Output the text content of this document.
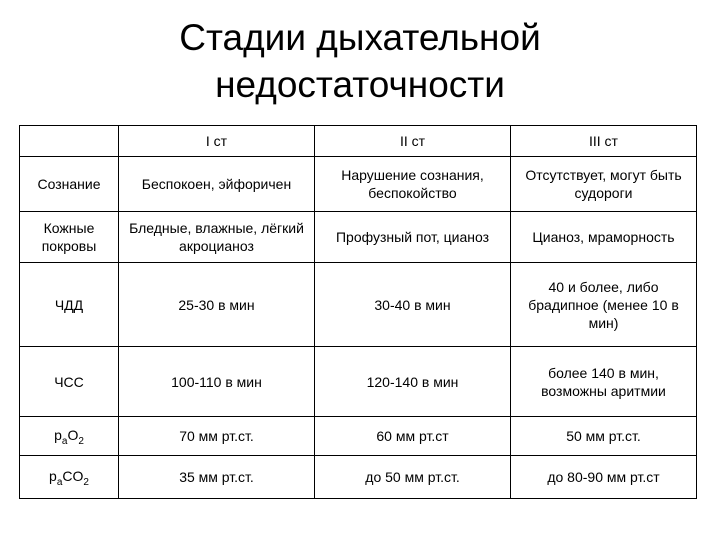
Стадии дыхательной
недостаточности
	I ст	II ст	III ст
Сознание	Беспокоен, эйфоричен	Нарушение сознания, беспокойство	Отсутствует, могут быть судороги
Кожные покровы	Бледные, влажные, лёгкий акроцианоз	Профузный пот, цианоз	Цианоз, мраморность
ЧДД	25-30 в мин	30-40 в мин	40 и более, либо брадипное (менее 10 в мин)
ЧСС	100-110 в мин	120-140 в мин	более 140 в мин, возможны аритмии
$p_aO_2$	70 мм рт.ст.	60 мм рт.ст	50 мм рт.ст.
$p_aCO_2$	35 мм рт.ст.	до 50 мм рт.ст.	до 80-90 мм рт.ст
